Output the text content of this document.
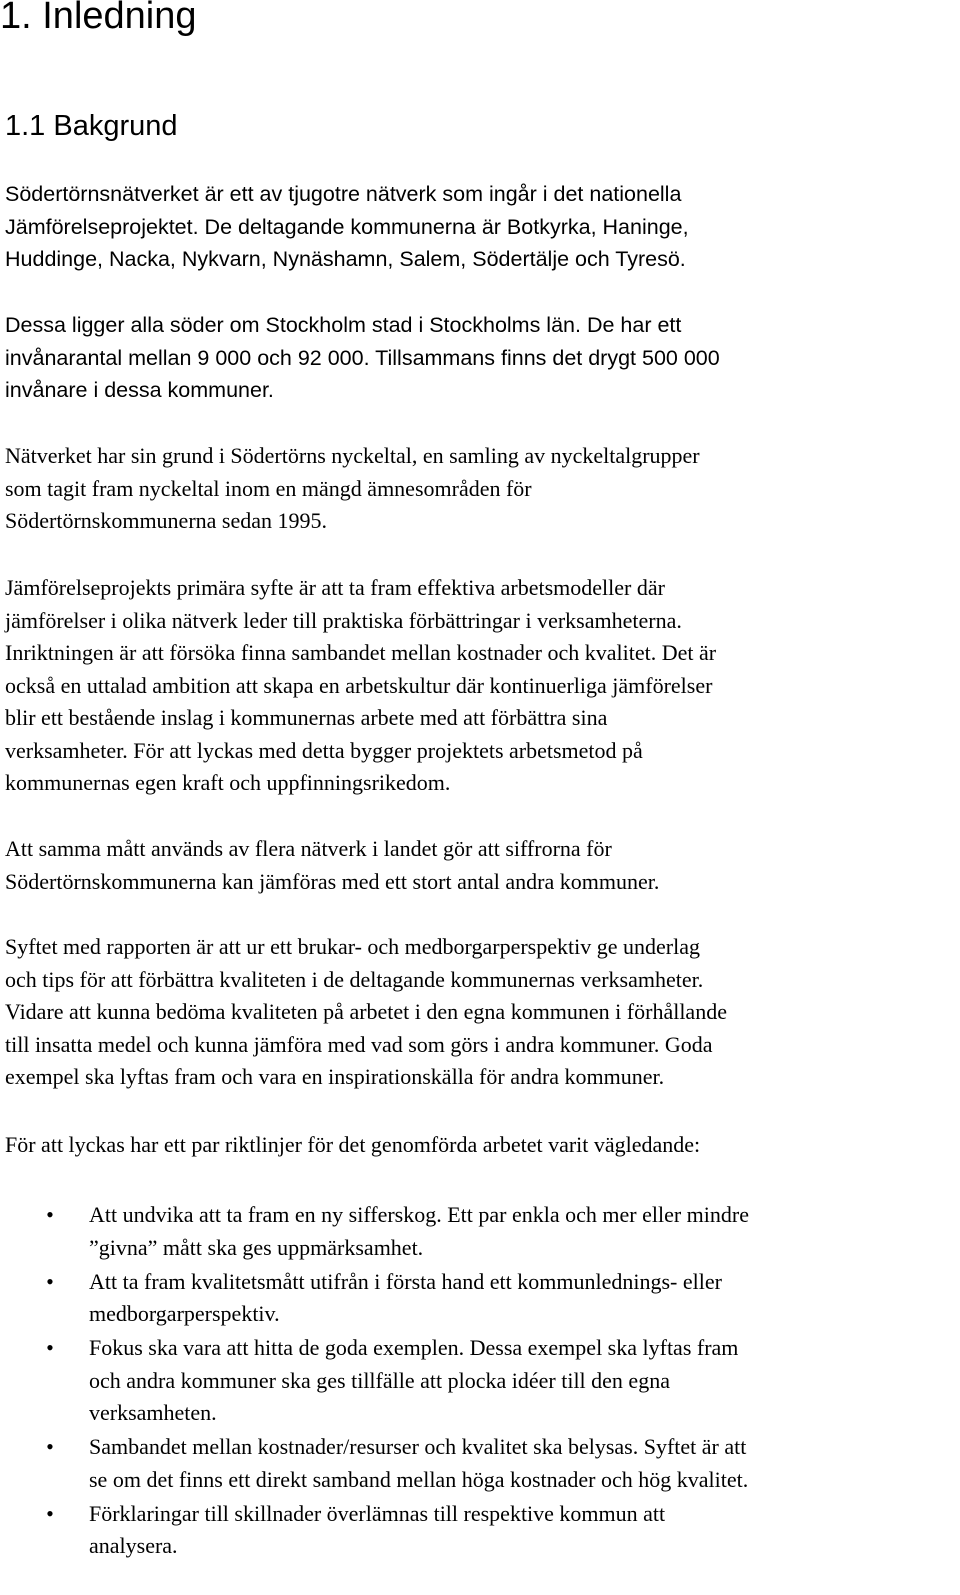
1. Inledning
1.1 Bakgrund

Södertörnsnätverket är ett av tjugotre nätverk som ingår i det nationella
Jämförelseprojektet. De deltagande kommunerna är Botkyrka, Haninge,
Huddinge, Nacka, Nykvarn, Nynäshamn, Salem, Södertälje och Tyresö.

Dessa ligger alla söder om Stockholm stad i Stockholms län. De har ett
invånarantal mellan 9 000 och 92 000. Tillsammans finns det drygt 500 000
invånare i dessa kommuner.

Nätverket har sin grund i Södertörns nyckeltal, en samling av nyckeltalgrupper
som tagit fram nyckeltal inom en mängd ämnesområden för
Södertörnskommunerna sedan 1995.

Jämförelseprojekts primära syfte är att ta fram effektiva arbetsmodeller där
jämförelser i olika nätverk leder till praktiska förbättringar i verksamheterna.
Inriktningen är att försöka finna sambandet mellan kostnader och kvalitet. Det är
också en uttalad ambition att skapa en arbetskultur där kontinuerliga jämförelser
blir ett bestående inslag i kommunernas arbete med att förbättra sina
verksamheter. För att lyckas med detta bygger projektets arbetsmetod på
kommunernas egen kraft och uppfinningsrikedom.

Att samma mått används av flera nätverk i landet gör att siffrorna för
Södertörnskommunerna kan jämföras med ett stort antal andra kommuner.

Syftet med rapporten är att ur ett brukar- och medborgarperspektiv ge underlag
och tips för att förbättra kvaliteten i de deltagande kommunernas verksamheter.
Vidare att kunna bedöma kvaliteten på arbetet i den egna kommunen i förhållande
till insatta medel och kunna jämföra med vad som görs i andra kommuner. Goda
exempel ska lyftas fram och vara en inspirationskälla för andra kommuner.

För att lyckas har ett par riktlinjer för det genomförda arbetet varit vägledande:

• Att undvika att ta fram en ny sifferskog. Ett par enkla och mer eller mindre
”givna” mått ska ges uppmärksamhet.
• Att ta fram kvalitetsmått utifrån i första hand ett kommunlednings- eller
medborgarperspektiv.
• Fokus ska vara att hitta de goda exemplen. Dessa exempel ska lyftas fram
och andra kommuner ska ges tillfälle att plocka idéer till den egna
verksamheten.
• Sambandet mellan kostnader/resurser och kvalitet ska belysas. Syftet är att
se om det finns ett direkt samband mellan höga kostnader och hög kvalitet.
• Förklaringar till skillnader överlämnas till respektive kommun att
analysera.
